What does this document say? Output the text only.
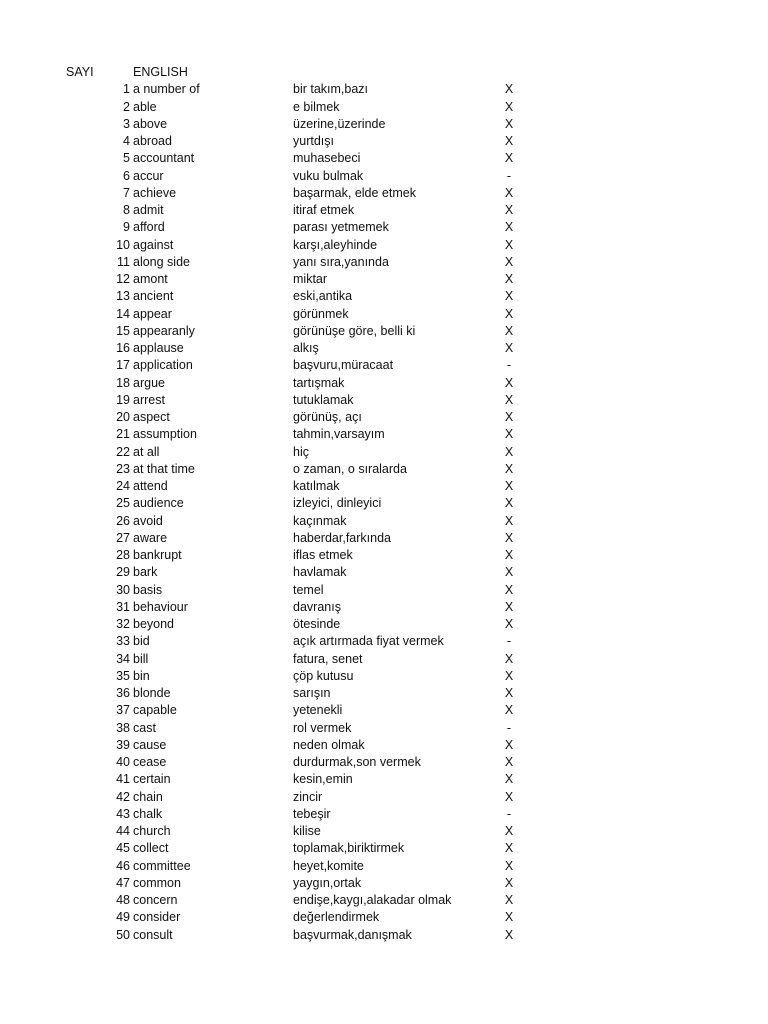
SAYI	ENGLISH
1 a number of	bir takım,bazı	X
2 able	e bilmek	X
3 above	üzerine,üzerinde	X
4 abroad	yurtdışı	X
5 accountant	muhasebeci	X
6 accur	vuku bulmak	-
7 achieve	başarmak, elde etmek	X
8 admit	itiraf etmek	X
9 afford	parası yetmemek	X
10 against	karşı,aleyhinde	X
11 along side	yanı sıra,yanında	X
12 amont	miktar	X
13 ancient	eski,antika	X
14 appear	görünmek	X
15 appearanly	görünüşe göre, belli ki	X
16 applause	alkış	X
17 application	başvuru,müracaat	-
18 argue	tartışmak	X
19 arrest	tutuklamak	X
20 aspect	görünüş, açı	X
21 assumption	tahmin,varsayım	X
22 at all	hiç	X
23 at that time	o zaman, o sıralarda	X
24 attend	katılmak	X
25 audience	izleyici, dinleyici	X
26 avoid	kaçınmak	X
27 aware	haberdar,farkında	X
28 bankrupt	iflas etmek	X
29 bark	havlamak	X
30 basis	temel	X
31 behaviour	davranış	X
32 beyond	ötesinde	X
33 bid	açık artırmada fiyat vermek	-
34 bill	fatura, senet	X
35 bin	çöp kutusu	X
36 blonde	sarışın	X
37 capable	yetenekli	X
38 cast	rol vermek	-
39 cause	neden olmak	X
40 cease	durdurmak,son vermek	X
41 certain	kesin,emin	X
42 chain	zincir	X
43 chalk	tebeşir	-
44 church	kilise	X
45 collect	toplamak,biriktirmek	X
46 committee	heyet,komite	X
47 common	yaygın,ortak	X
48 concern	endişe,kaygı,alakadar olmak	X
49 consider	değerlendirmek	X
50 consult	başvurmak,danışmak	X
